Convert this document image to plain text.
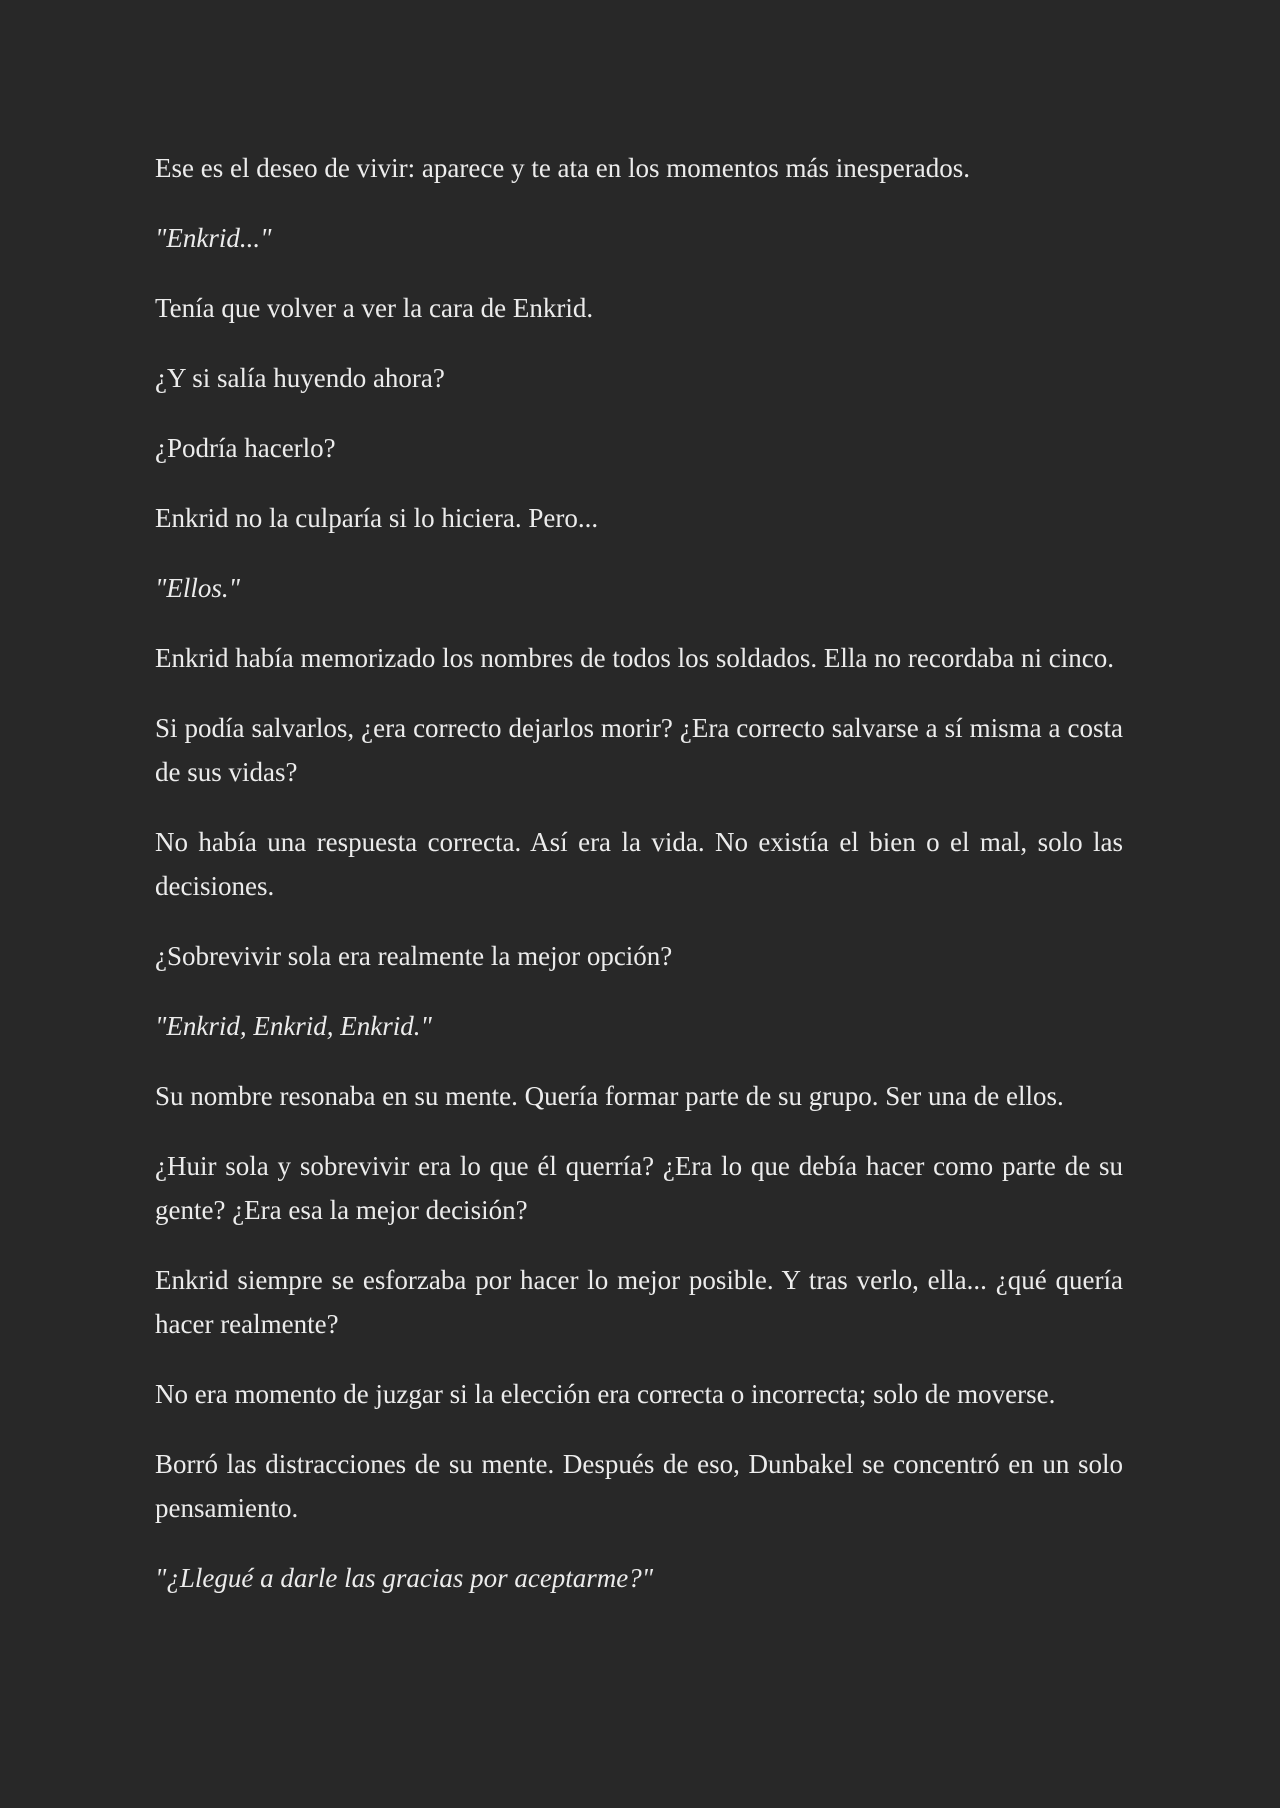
Ese es el deseo de vivir: aparece y te ata en los momentos más inesperados.

"Enkrid..."

Tenía que volver a ver la cara de Enkrid.

¿Y si salía huyendo ahora?

¿Podría hacerlo?

Enkrid no la culparía si lo hiciera. Pero...

"Ellos."

Enkrid había memorizado los nombres de todos los soldados. Ella no recordaba ni cinco.

Si podía salvarlos, ¿era correcto dejarlos morir? ¿Era correcto salvarse a sí misma a costa de sus vidas?

No había una respuesta correcta. Así era la vida. No existía el bien o el mal, solo las decisiones.

¿Sobrevivir sola era realmente la mejor opción?

"Enkrid, Enkrid, Enkrid."

Su nombre resonaba en su mente. Quería formar parte de su grupo. Ser una de ellos.

¿Huir sola y sobrevivir era lo que él querría? ¿Era lo que debía hacer como parte de su gente? ¿Era esa la mejor decisión?

Enkrid siempre se esforzaba por hacer lo mejor posible. Y tras verlo, ella... ¿qué quería hacer realmente?

No era momento de juzgar si la elección era correcta o incorrecta; solo de moverse.

Borró las distracciones de su mente. Después de eso, Dunbakel se concentró en un solo pensamiento.

"¿Llegué a darle las gracias por aceptarme?"
